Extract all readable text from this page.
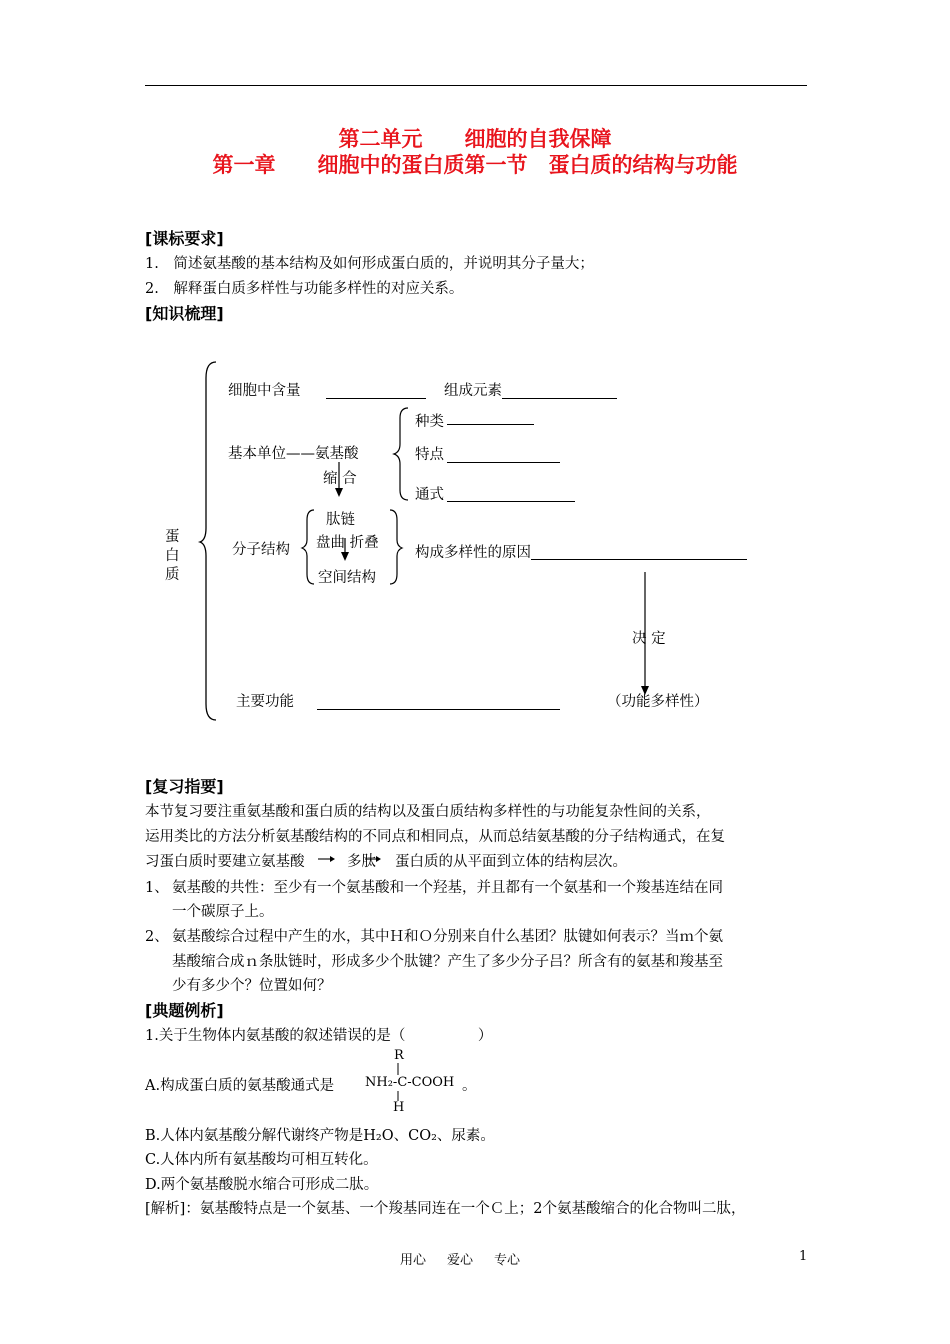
第二单元　　细胞的自我保障
第一章　　细胞中的蛋白质第一节　蛋白质的结构与功能
[课标要求]
1.　简述氨基酸的基本结构及如何形成蛋白质的，并说明其分子量大；
2.　解释蛋白质多样性与功能多样性的对应关系。
[知识梳理]
蛋白质
细胞中含量	组成元素
基本单位——氨基酸
缩 合
种类
特点
通式
肽链
盘曲 折叠
空间结构
分子结构	构成多样性的原因
决 定
主要功能	（功能多样性）
[复习指要]
本节复习要注重氨基酸和蛋白质的结构以及蛋白质结构多样性的与功能复杂性间的关系，
运用类比的方法分析氨基酸结构的不同点和相同点，从而总结氨基酸的分子结构通式，在复
习蛋白质时要建立氨基酸	多肽 蛋白质的从平面到立体的结构层次。
1、 氨基酸的共性：至少有一个氨基酸和一个羟基，并且都有一个氨基和一个羧基连结在同
一个碳原子上。
2、 氨基酸综合过程中产生的水，其中Ｈ和Ｏ分别来自什么基团？肽键如何表示？当ｍ个氨
基酸缩合成ｎ条肽链时，形成多少个肽键？产生了多少分子吕？所含有的氨基和羧基至
少有多少个？位置如何？
[典题例析]
1.关于生物体内氨基酸的叙述错误的是（　　　　　）
R
A.构成蛋白质的氨基酸通式是 NH₂-C-COOH 。
H
B.人体内氨基酸分解代谢终产物是H₂O、CO₂、尿素。
C.人体内所有氨基酸均可相互转化。
D.两个氨基酸脱水缩合可形成二肽。
[解析]：氨基酸特点是一个氨基、一个羧基同连在一个Ｃ上；2个氨基酸缩合的化合物叫二肽，
用心 爱心 专心	1
